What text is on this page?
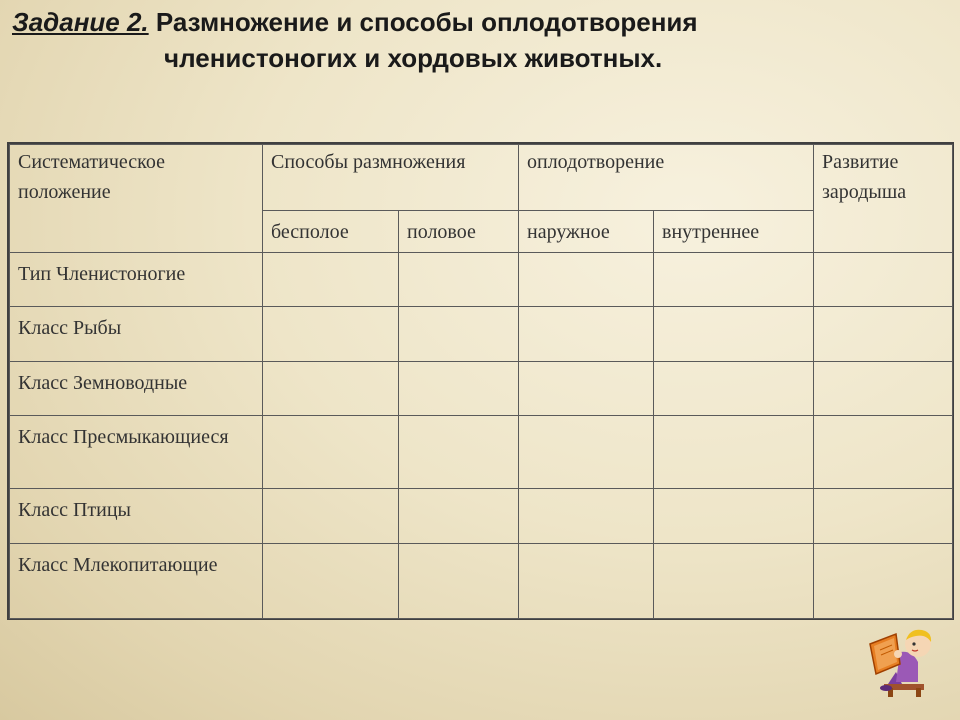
Задание 2. Размножение и способы оплодотворения
членистоногих и хордовых животных.
Систематическое положение	Способы размножения		оплодотворение		Развитие зародыша
	бесполое	половое	наружное	внутреннее	
Тип Членистоногие					
Класс Рыбы					
Класс Земноводные					
Класс Пресмыкающиеся					
Класс Птицы					
Класс Млекопитающие					
